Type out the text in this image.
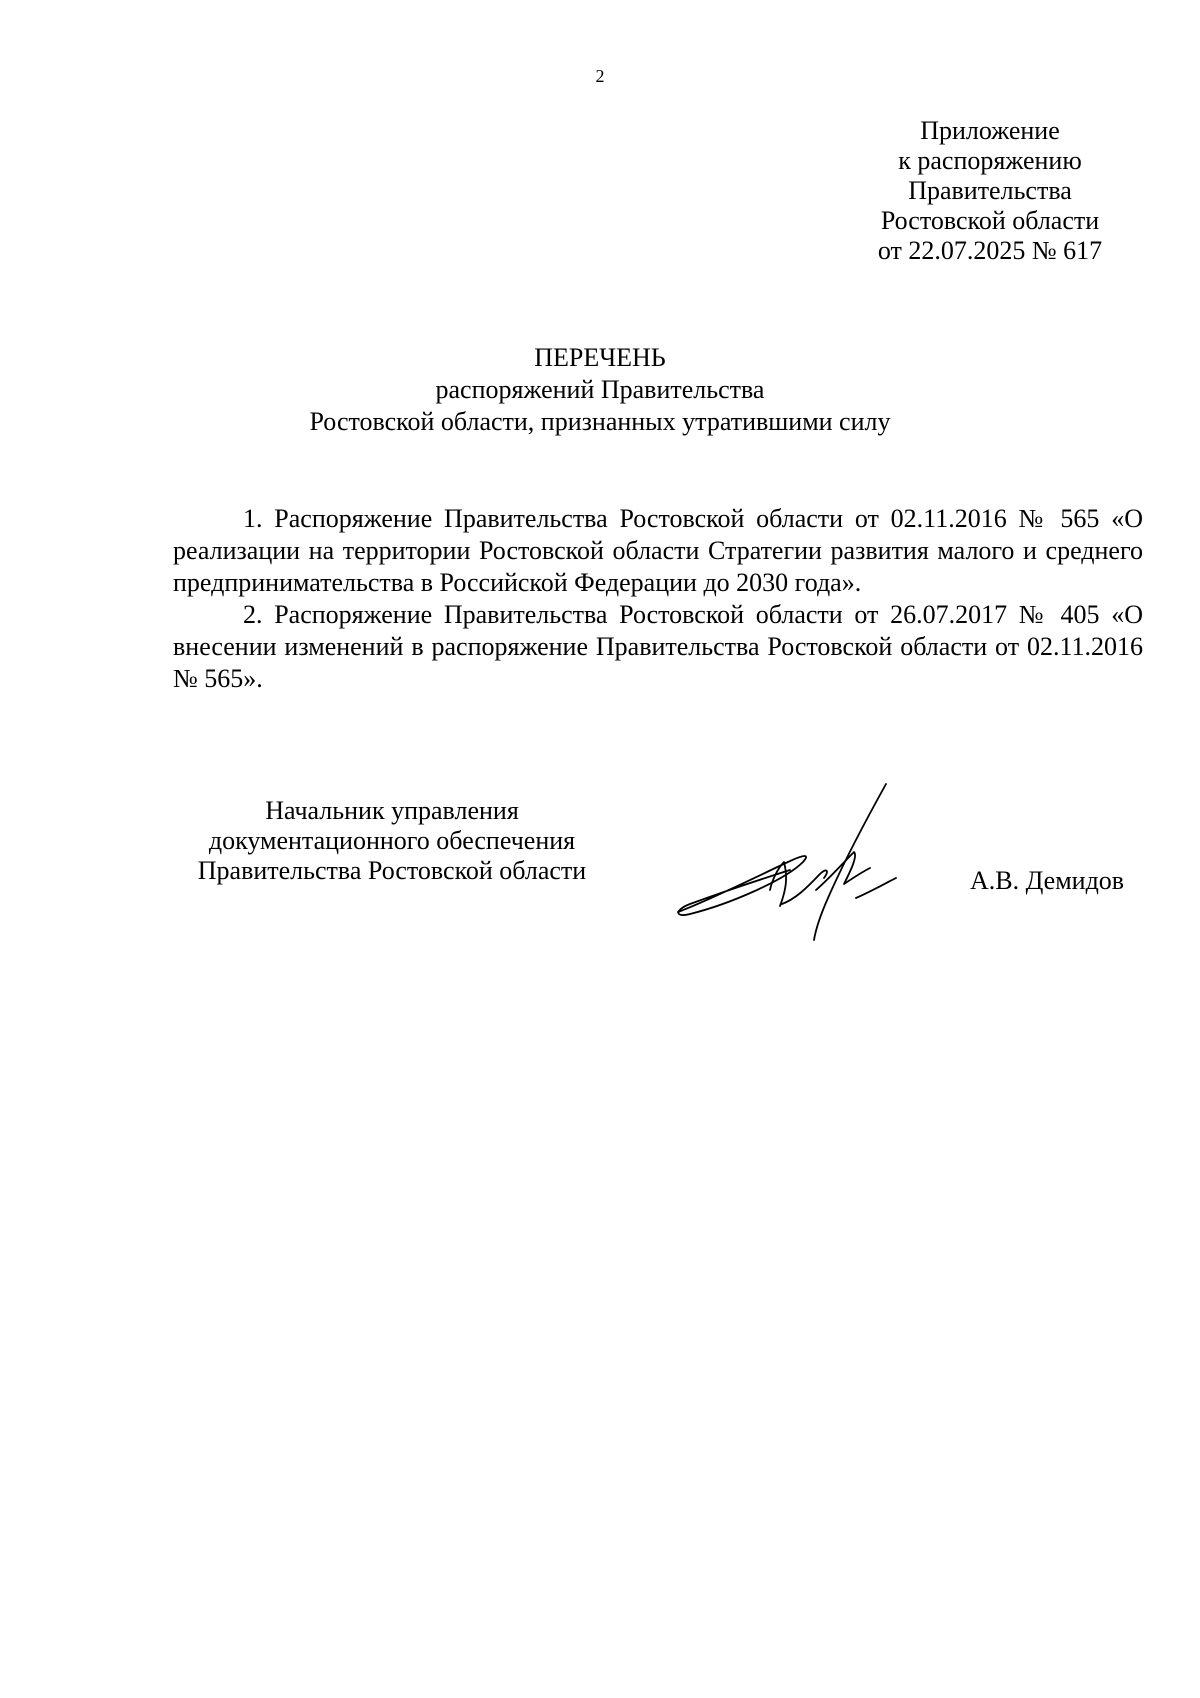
2
Приложение
к распоряжению
Правительства
Ростовской области
от 22.07.2025 № 617
ПЕРЕЧЕНЬ
распоряжений Правительства
Ростовской области, признанных утратившими силу

1. Распоряжение Правительства Ростовской области от 02.11.2016 № 565 «О реализации на территории Ростовской области Стратегии развития малого и среднего предпринимательства в Российской Федерации до 2030 года».

2. Распоряжение Правительства Ростовской области от 26.07.2017 № 405 «О внесении изменений в распоряжение Правительства Ростовской области от 02.11.2016 № 565».

Начальник управления
документационного обеспечения
Правительства Ростовской области	А.В. Демидов
